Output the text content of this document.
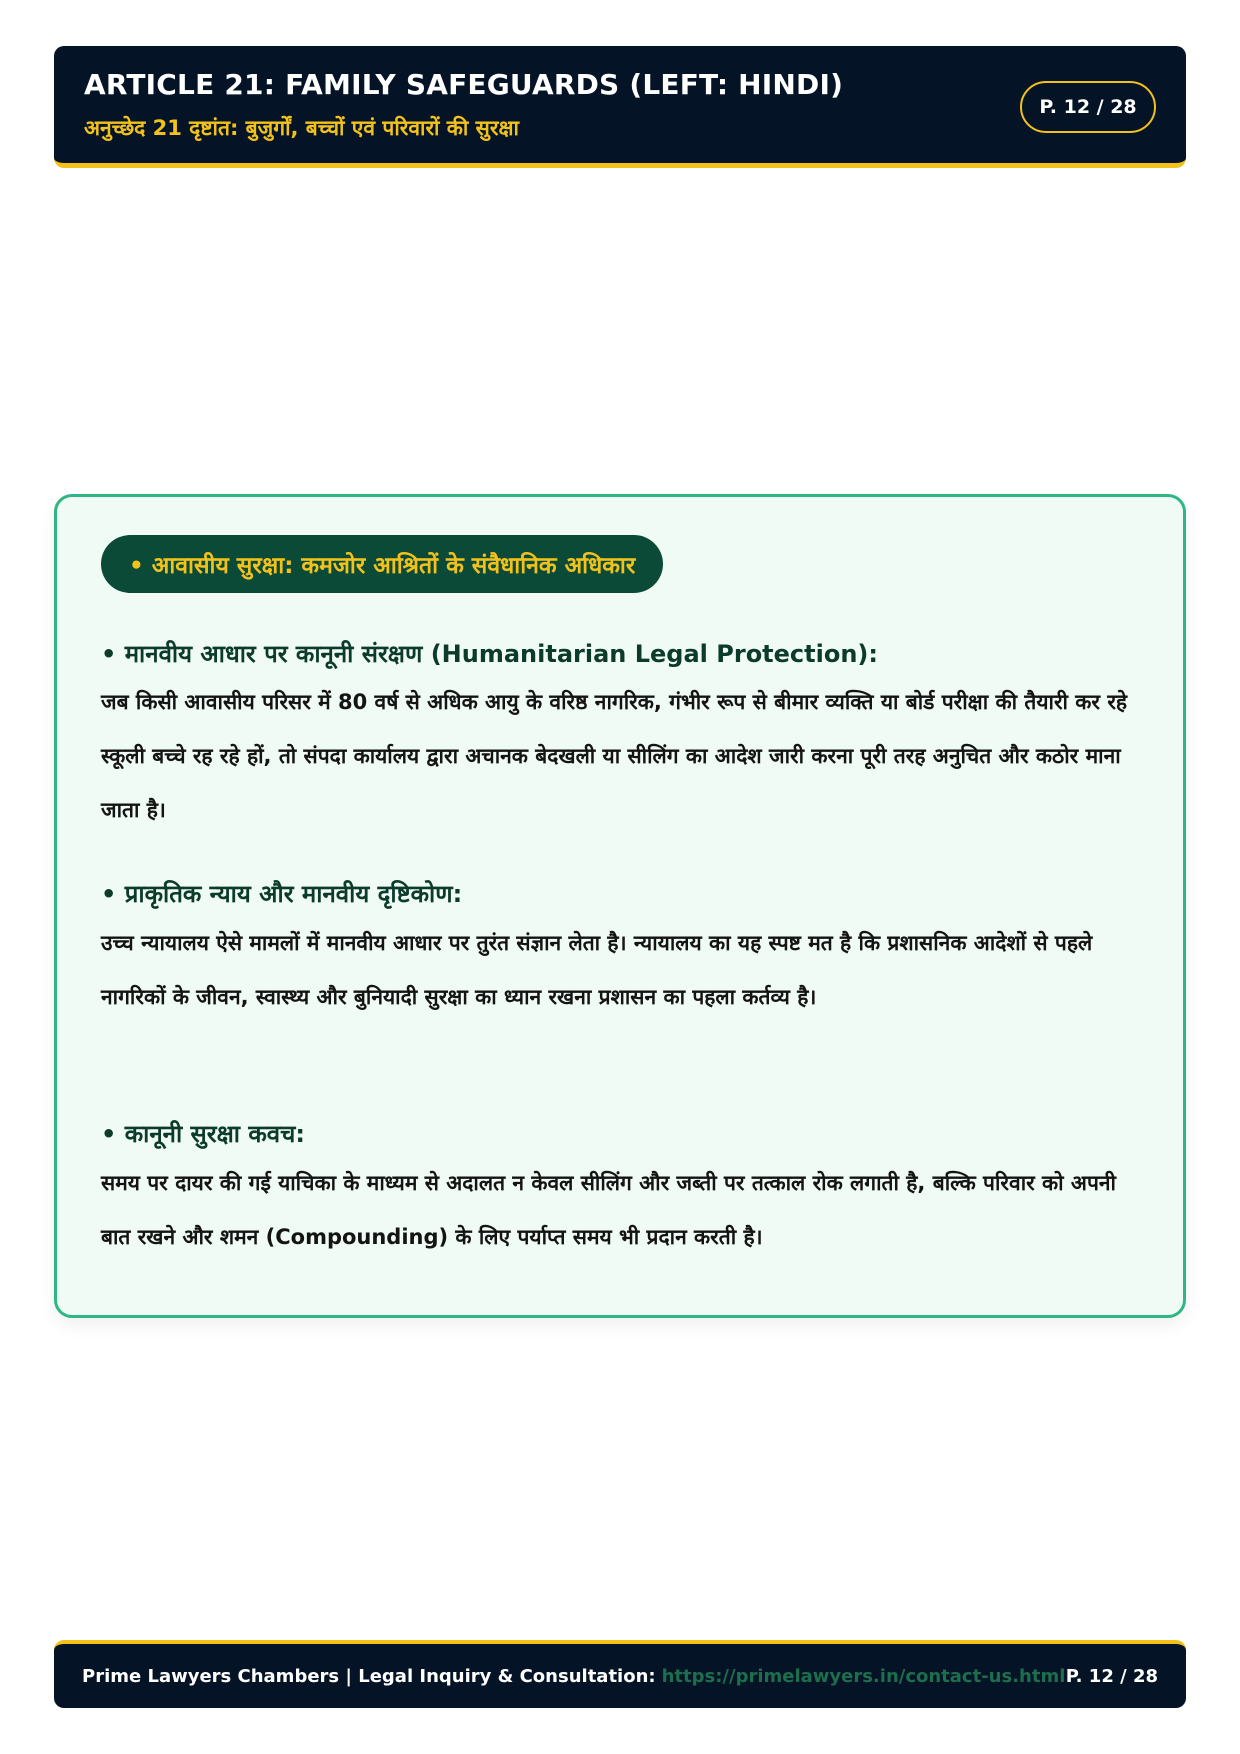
ARTICLE 21: FAMILY SAFEGUARDS (LEFT: HINDI)
अनुच्छेद 21 दृष्टांत: बुजुर्गों, बच्चों एवं परिवारों की सुरक्षा
P. 12 / 28
• आवासीय सुरक्षा: कमजोर आश्रितों के संवैधानिक अधिकार
• मानवीय आधार पर कानूनी संरक्षण (Humanitarian Legal Protection):
जब किसी आवासीय परिसर में 80 वर्ष से अधिक आयु के वरिष्ठ नागरिक, गंभीर रूप से बीमार व्यक्ति या बोर्ड परीक्षा की तैयारी कर रहे स्कूली बच्चे रह रहे हों, तो संपदा कार्यालय द्वारा अचानक बेदखली या सीलिंग का आदेश जारी करना पूरी तरह अनुचित और कठोर माना जाता है।
• प्राकृतिक न्याय और मानवीय दृष्टिकोण:
उच्च न्यायालय ऐसे मामलों में मानवीय आधार पर तुरंत संज्ञान लेता है। न्यायालय का यह स्पष्ट मत है कि प्रशासनिक आदेशों से पहले नागरिकों के जीवन, स्वास्थ्य और बुनियादी सुरक्षा का ध्यान रखना प्रशासन का पहला कर्तव्य है।
• कानूनी सुरक्षा कवच:
समय पर दायर की गई याचिका के माध्यम से अदालत न केवल सीलिंग और जब्ती पर तत्काल रोक लगाती है, बल्कि परिवार को अपनी बात रखने और शमन (Compounding) के लिए पर्याप्त समय भी प्रदान करती है।
Prime Lawyers Chambers | Legal Inquiry & Consultation: https://primelawyers.in/contact-us.html P. 12 / 28
